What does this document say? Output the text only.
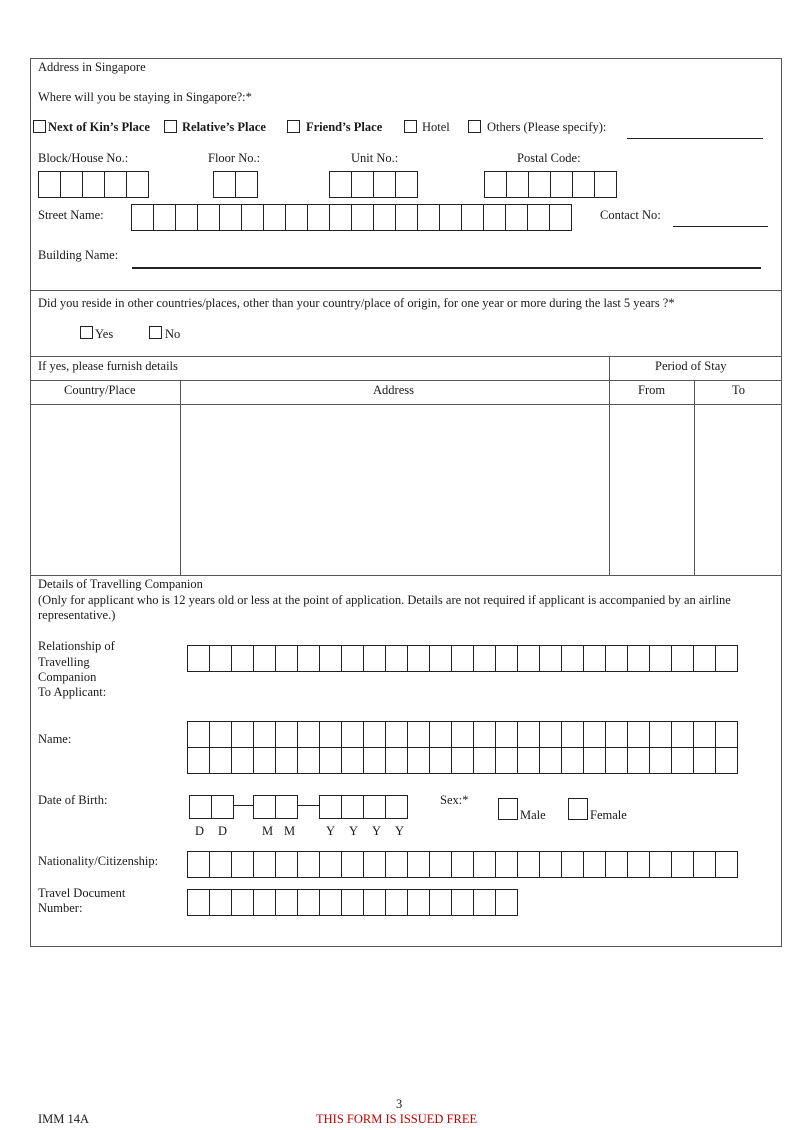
Address in Singapore
Where will you be staying in Singapore?:*
Next of Kin’s Place	Relative’s Place	Friend’s Place	Hotel	Others (Please specify):
Block/House No.:	Floor No.:	Unit No.:	Postal Code:
Street Name:	Contact No:
Building Name:
Did you reside in other countries/places, other than your country/place of origin, for one year or more during the last 5 years ?*
Yes	No
If yes, please furnish details	Period of Stay
Country/Place	Address	From	To
Details of Travelling Companion
(Only for applicant who is 12 years old or less at the point of application. Details are not required if applicant is accompanied by an airline representative.)
Relationship of
Travelling
Companion
To Applicant:
Name:
Date of Birth:
D D	M M Y Y Y Y
Sex:*
Male	Female
Nationality/Citizenship:
Travel Document
Number:
3
IMM 14A	THIS FORM IS ISSUED FREE
